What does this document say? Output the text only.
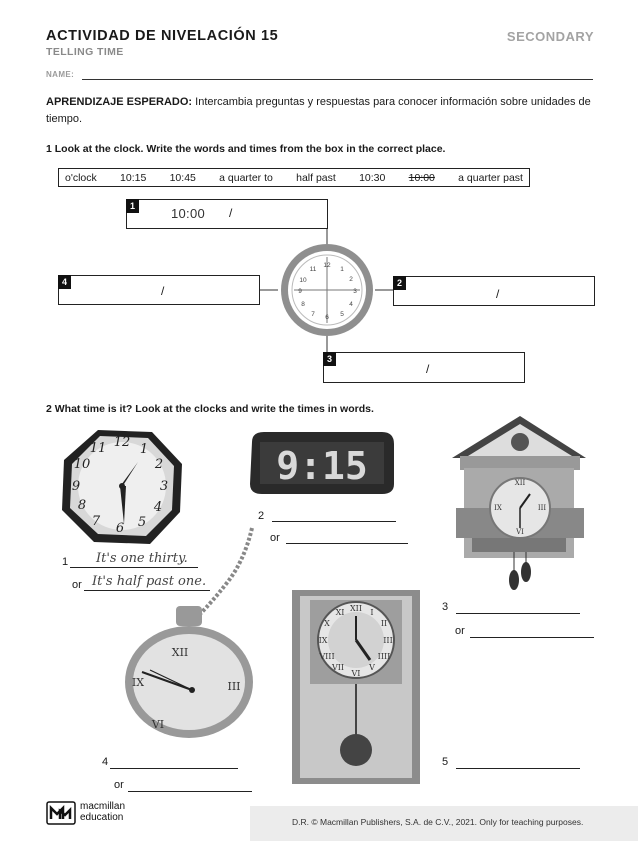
ACTIVIDAD DE NIVELACIÓN 15
TELLING TIME
SECONDARY
NAME:
APRENDIZAJE ESPERADO: Intercambia preguntas y respuestas para conocer información sobre unidades de tiempo.
1 Look at the clock. Write the words and times from the box in the correct place.
o'clock 10:15 10:45 a quarter to half past 10:30 10:00 a quarter past
1	10:00 /
4
/
2
/
3
/
12
1
2
3
4
5
6
7
8
9
10
11
2 What time is it? Look at the clocks and write the times in words.
12 1
2
3
4
5
6
7
8
9
10
11
1 It's one thirty.
or It's half past one.
9:15
2
or
XII
III
VI
IX
3
or
XII
III
VI
IX
4
or
XII I
II
III
IIII
V
VI
VII
VIII
IX
X
XI
5
macmillan
education	D.R. © Macmillan Publishers, S.A. de C.V., 2021. Only for teaching purposes.
